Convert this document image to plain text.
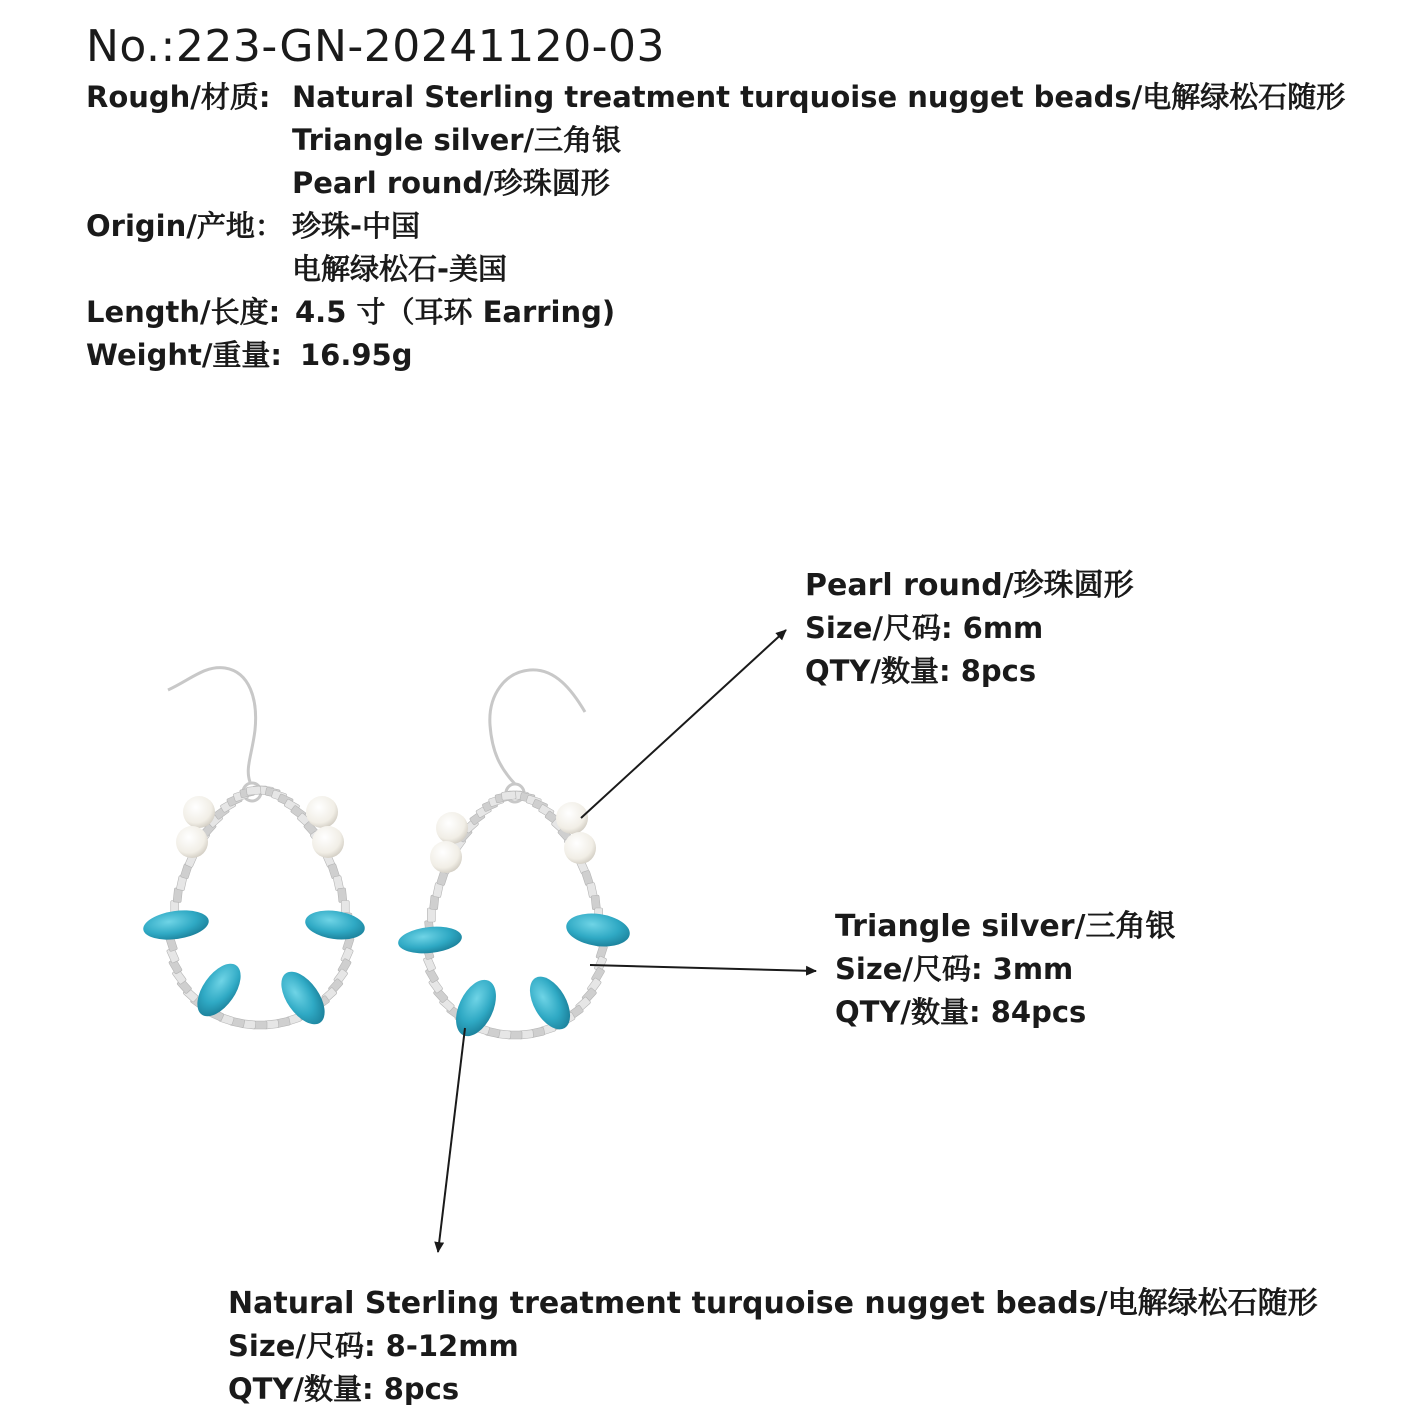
No.:223-GN-20241120-03
Rough/材质: Natural Sterling treatment turquoise nugget beads/电解绿松石随形
Triangle silver/三角银
Pearl round/珍珠圆形
Origin/产地： 珍珠-中国
电解绿松石-美国
Length/长度: 4.5 寸（耳环 Earring)
Weight/重量: 16.95g
Pearl round/珍珠圆形
Size/尺码: 6mm
QTY/数量: 8pcs
Triangle silver/三角银
Size/尺码: 3mm
QTY/数量: 84pcs
Natural Sterling treatment turquoise nugget beads/电解绿松石随形
Size/尺码: 8-12mm
QTY/数量: 8pcs
